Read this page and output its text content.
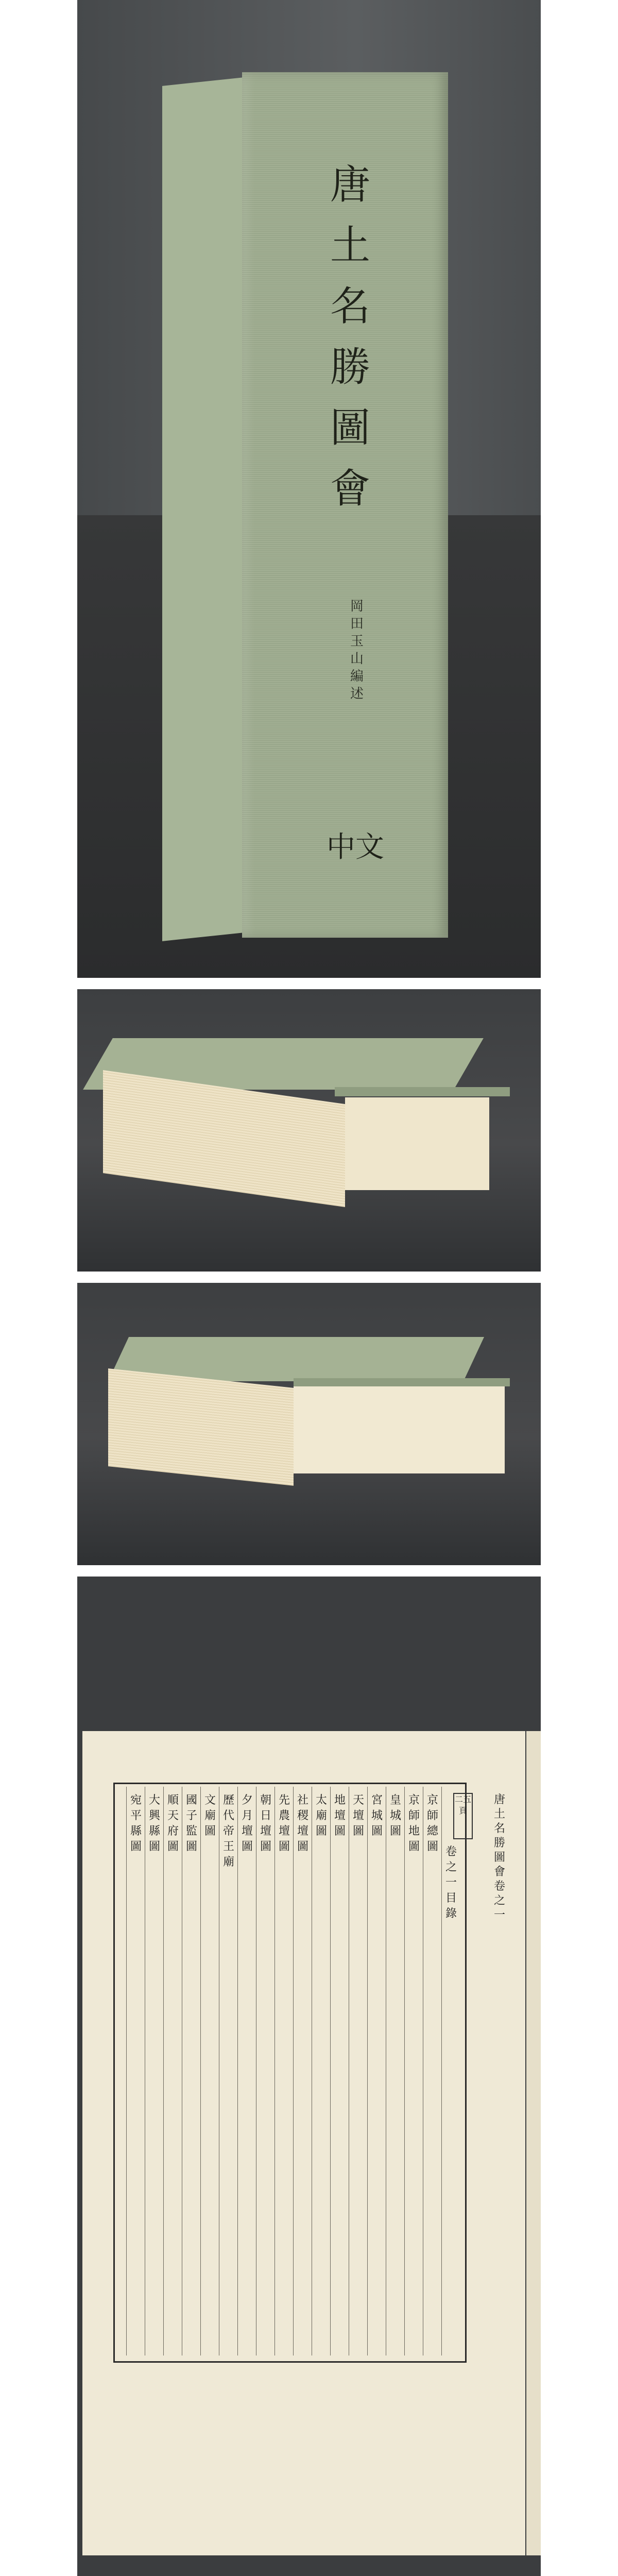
唐土名勝圖會
岡田玉山編述
中文
唐土名勝圖會卷之一
二五頁
卷之一目錄
京師總圖
京師地圖
皇城圖
宮城圖
天壇圖
地壇圖
太廟圖
社稷壇圖
先農壇圖
朝日壇圖
夕月壇圖
歷代帝王廟
文廟圖
國子監圖
順天府圖
大興縣圖
宛平縣圖
